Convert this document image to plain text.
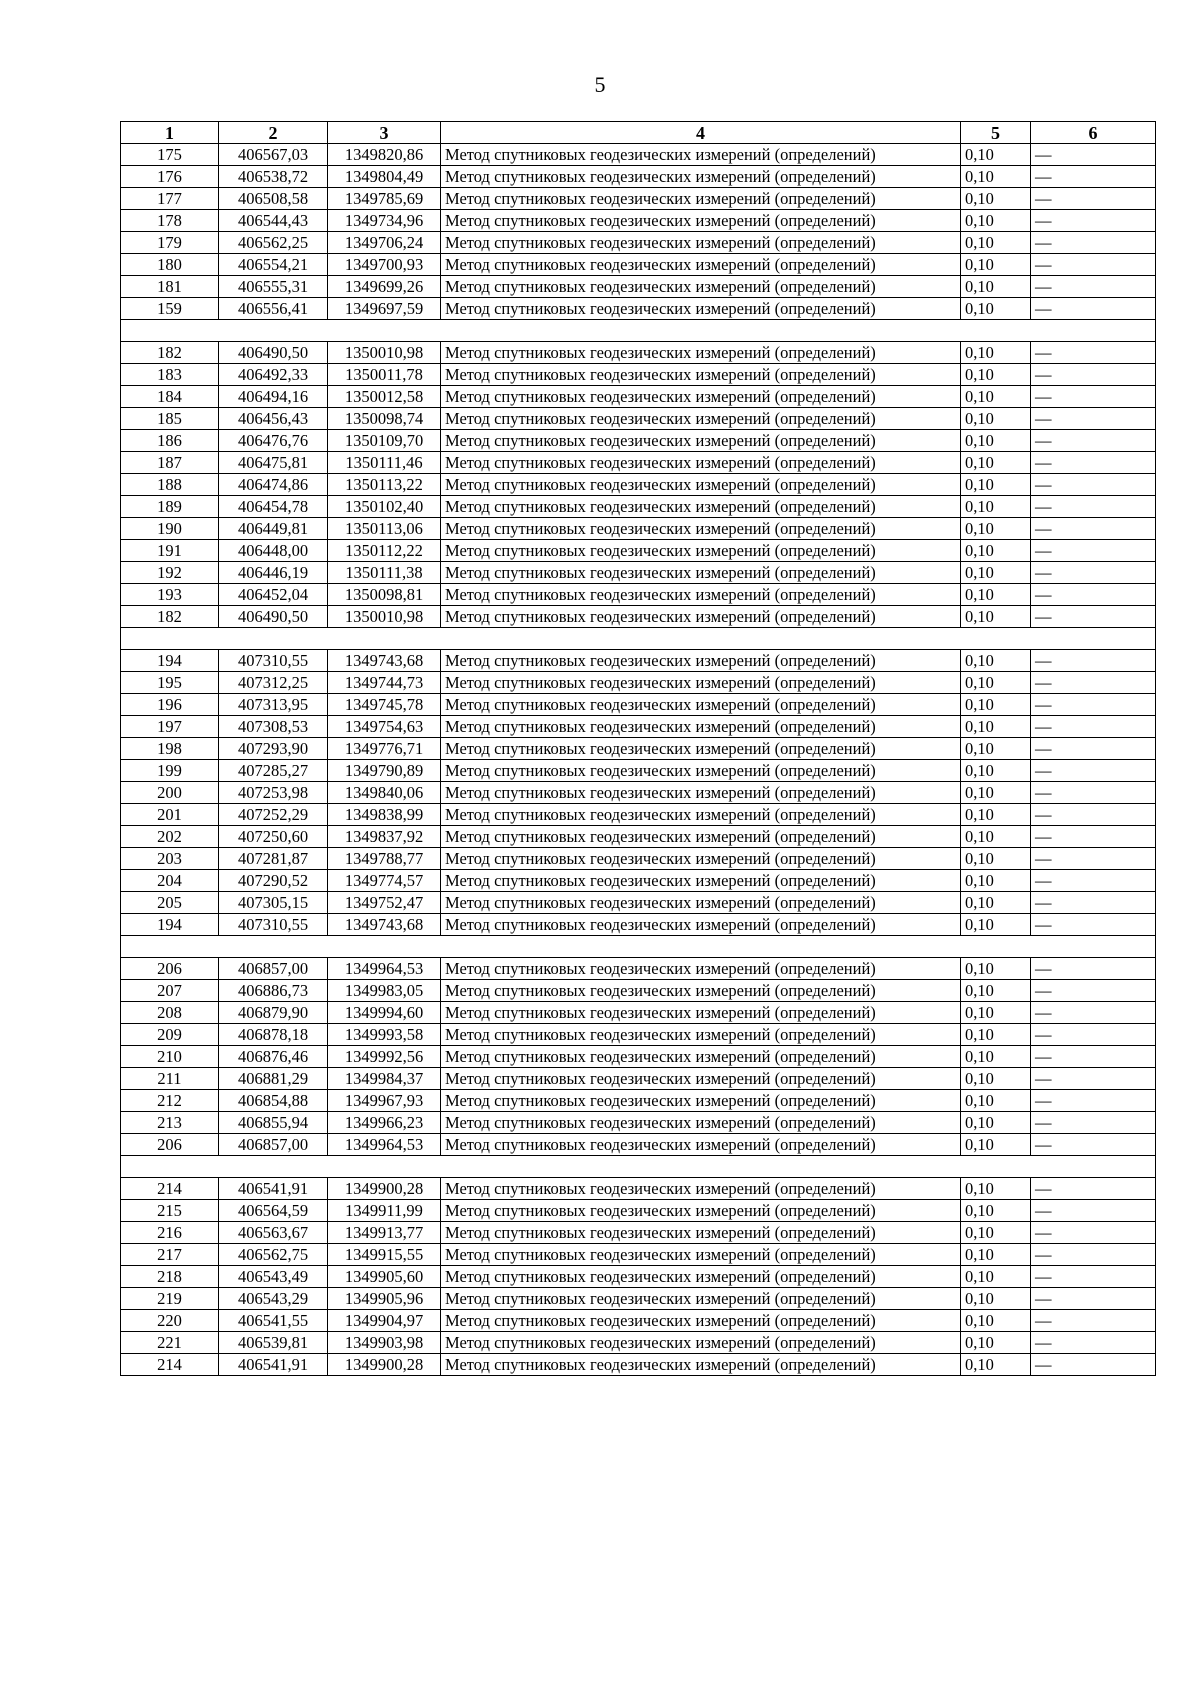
5
1	2	3	4	5	6
175	406567,03	1349820,86	Метод спутниковых геодезических измерений (определений)	0,10	—
176	406538,72	1349804,49	Метод спутниковых геодезических измерений (определений)	0,10	—
177	406508,58	1349785,69	Метод спутниковых геодезических измерений (определений)	0,10	—
178	406544,43	1349734,96	Метод спутниковых геодезических измерений (определений)	0,10	—
179	406562,25	1349706,24	Метод спутниковых геодезических измерений (определений)	0,10	—
180	406554,21	1349700,93	Метод спутниковых геодезических измерений (определений)	0,10	—
181	406555,31	1349699,26	Метод спутниковых геодезических измерений (определений)	0,10	—
159	406556,41	1349697,59	Метод спутниковых геодезических измерений (определений)	0,10	—

182	406490,50	1350010,98	Метод спутниковых геодезических измерений (определений)	0,10	—
183	406492,33	1350011,78	Метод спутниковых геодезических измерений (определений)	0,10	—
184	406494,16	1350012,58	Метод спутниковых геодезических измерений (определений)	0,10	—
185	406456,43	1350098,74	Метод спутниковых геодезических измерений (определений)	0,10	—
186	406476,76	1350109,70	Метод спутниковых геодезических измерений (определений)	0,10	—
187	406475,81	1350111,46	Метод спутниковых геодезических измерений (определений)	0,10	—
188	406474,86	1350113,22	Метод спутниковых геодезических измерений (определений)	0,10	—
189	406454,78	1350102,40	Метод спутниковых геодезических измерений (определений)	0,10	—
190	406449,81	1350113,06	Метод спутниковых геодезических измерений (определений)	0,10	—
191	406448,00	1350112,22	Метод спутниковых геодезических измерений (определений)	0,10	—
192	406446,19	1350111,38	Метод спутниковых геодезических измерений (определений)	0,10	—
193	406452,04	1350098,81	Метод спутниковых геодезических измерений (определений)	0,10	—
182	406490,50	1350010,98	Метод спутниковых геодезических измерений (определений)	0,10	—

194	407310,55	1349743,68	Метод спутниковых геодезических измерений (определений)	0,10	—
195	407312,25	1349744,73	Метод спутниковых геодезических измерений (определений)	0,10	—
196	407313,95	1349745,78	Метод спутниковых геодезических измерений (определений)	0,10	—
197	407308,53	1349754,63	Метод спутниковых геодезических измерений (определений)	0,10	—
198	407293,90	1349776,71	Метод спутниковых геодезических измерений (определений)	0,10	—
199	407285,27	1349790,89	Метод спутниковых геодезических измерений (определений)	0,10	—
200	407253,98	1349840,06	Метод спутниковых геодезических измерений (определений)	0,10	—
201	407252,29	1349838,99	Метод спутниковых геодезических измерений (определений)	0,10	—
202	407250,60	1349837,92	Метод спутниковых геодезических измерений (определений)	0,10	—
203	407281,87	1349788,77	Метод спутниковых геодезических измерений (определений)	0,10	—
204	407290,52	1349774,57	Метод спутниковых геодезических измерений (определений)	0,10	—
205	407305,15	1349752,47	Метод спутниковых геодезических измерений (определений)	0,10	—
194	407310,55	1349743,68	Метод спутниковых геодезических измерений (определений)	0,10	—

206	406857,00	1349964,53	Метод спутниковых геодезических измерений (определений)	0,10	—
207	406886,73	1349983,05	Метод спутниковых геодезических измерений (определений)	0,10	—
208	406879,90	1349994,60	Метод спутниковых геодезических измерений (определений)	0,10	—
209	406878,18	1349993,58	Метод спутниковых геодезических измерений (определений)	0,10	—
210	406876,46	1349992,56	Метод спутниковых геодезических измерений (определений)	0,10	—
211	406881,29	1349984,37	Метод спутниковых геодезических измерений (определений)	0,10	—
212	406854,88	1349967,93	Метод спутниковых геодезических измерений (определений)	0,10	—
213	406855,94	1349966,23	Метод спутниковых геодезических измерений (определений)	0,10	—
206	406857,00	1349964,53	Метод спутниковых геодезических измерений (определений)	0,10	—

214	406541,91	1349900,28	Метод спутниковых геодезических измерений (определений)	0,10	—
215	406564,59	1349911,99	Метод спутниковых геодезических измерений (определений)	0,10	—
216	406563,67	1349913,77	Метод спутниковых геодезических измерений (определений)	0,10	—
217	406562,75	1349915,55	Метод спутниковых геодезических измерений (определений)	0,10	—
218	406543,49	1349905,60	Метод спутниковых геодезических измерений (определений)	0,10	—
219	406543,29	1349905,96	Метод спутниковых геодезических измерений (определений)	0,10	—
220	406541,55	1349904,97	Метод спутниковых геодезических измерений (определений)	0,10	—
221	406539,81	1349903,98	Метод спутниковых геодезических измерений (определений)	0,10	—
214	406541,91	1349900,28	Метод спутниковых геодезических измерений (определений)	0,10	—
